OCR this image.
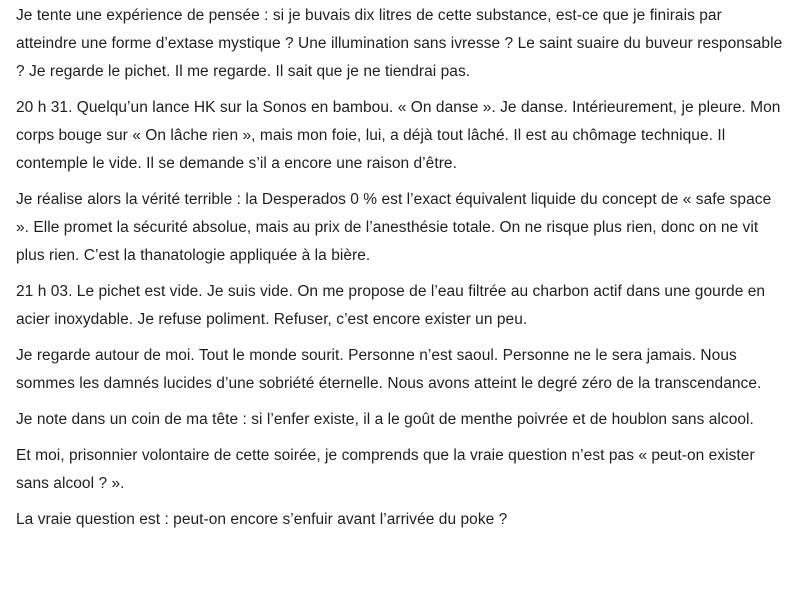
Je tente une expérience de pensée : si je buvais dix litres de cette substance, est-ce que je finirais par atteindre une forme d’extase mystique ? Une illumination sans ivresse ? Le saint suaire du buveur responsable ? Je regarde le pichet. Il me regarde. Il sait que je ne tiendrai pas.

20 h 31. Quelqu’un lance HK sur la Sonos en bambou. « On danse ». Je danse. Intérieurement, je pleure. Mon corps bouge sur « On lâche rien », mais mon foie, lui, a déjà tout lâché. Il est au chômage technique. Il contemple le vide. Il se demande s’il a encore une raison d’être.

Je réalise alors la vérité terrible : la Desperados 0 % est l’exact équivalent liquide du concept de « safe space ». Elle promet la sécurité absolue, mais au prix de l’anesthésie totale. On ne risque plus rien, donc on ne vit plus rien. C’est la thanatologie appliquée à la bière.

21 h 03. Le pichet est vide. Je suis vide. On me propose de l’eau filtrée au charbon actif dans une gourde en acier inoxydable. Je refuse poliment. Refuser, c’est encore exister un peu.

Je regarde autour de moi. Tout le monde sourit. Personne n’est saoul. Personne ne le sera jamais. Nous sommes les damnés lucides d’une sobriété éternelle. Nous avons atteint le degré zéro de la transcendance.

Je note dans un coin de ma tête : si l’enfer existe, il a le goût de menthe poivrée et de houblon sans alcool.

Et moi, prisonnier volontaire de cette soirée, je comprends que la vraie question n’est pas « peut-on exister sans alcool ? ».

La vraie question est : peut-on encore s’enfuir avant l’arrivée du poke ?
